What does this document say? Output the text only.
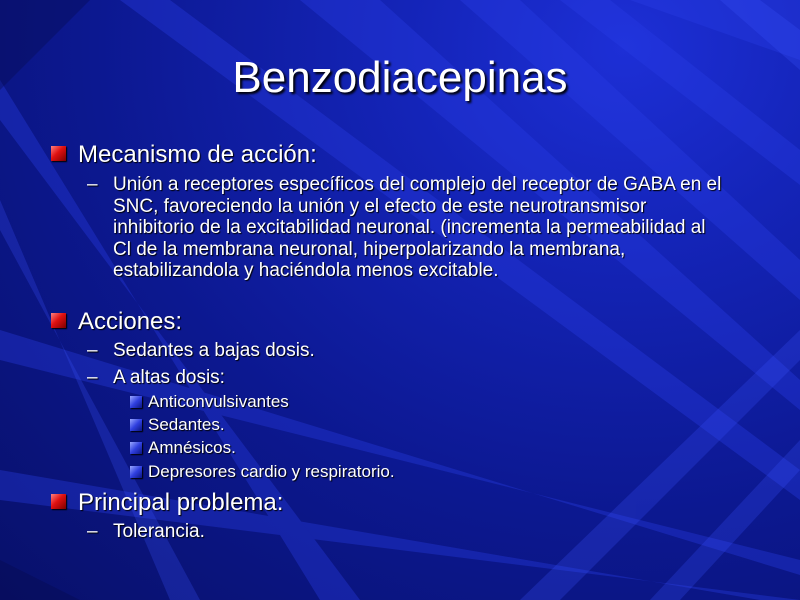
Benzodiacepinas
Mecanismo de acción:
– Unión a receptores específicos del complejo del receptor de GABA en el SNC, favoreciendo la unión y el efecto de este neurotransmisor inhibitorio de la excitabilidad neuronal. (incrementa la permeabilidad al Cl de la membrana neuronal, hiperpolarizando la membrana, estabilizandola y haciéndola menos excitable.
Acciones:
– Sedantes a bajas dosis.
– A altas dosis:
Anticonvulsivantes
Sedantes.
Amnésicos.
Depresores cardio y respiratorio.
Principal problema:
– Tolerancia.
